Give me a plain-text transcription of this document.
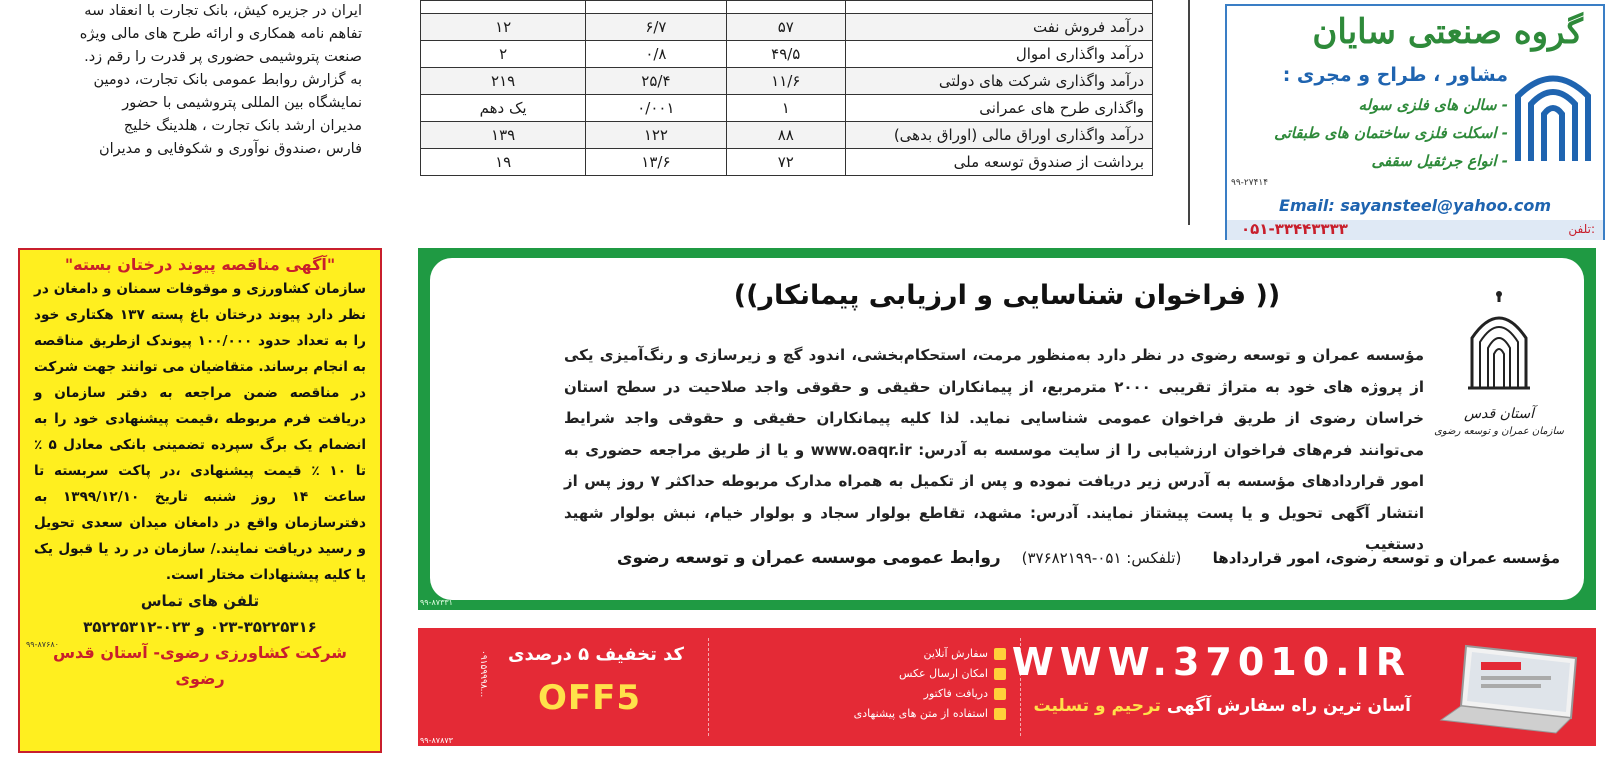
ایران در جزیره کیش، بانک تجارت با انعقاد سه

تفاهم نامه همکاری و ارائه طرح های مالی ویژه

صنعت پتروشیمی حضوری پر قدرت را رقم زد.

به گزارش روابط عمومی بانک تجارت، دومین

نمایشگاه بین المللی پتروشیمی با حضور

مدیران ارشد بانک تجارت ، هلدینگ خلیج

فارس ،صندوق نوآوری و شکوفایی و مدیران

درآمد فروش نفت	۵۷	۶/۷	۱۲
درآمد واگذاری اموال	۴۹/۵	۰/۸	۲
درآمد واگذاری شرکت های دولتی	۱۱/۶	۲۵/۴	۲۱۹
واگذاری طرح های عمرانی	۱	۰/۰۰۱	یک دهم
درآمد واگذاری اوراق مالی (اوراق بدهی)	۸۸	۱۲۲	۱۳۹
برداشت از صندوق توسعه ملی	۷۲	۱۳/۶	۱۹
گروه صنعتی سایان
مشاور ، طراح و مجری :
- سالن های فلزی سوله
- اسکلت فلزی ساختمان های طبقاتی
- انواع جرثقیل سقفی
۹۹-۲۷۴۱۴
Email: sayansteel@yahoo.com
۰۵۱-۳۳۴۴۳۳۳۳	تلفن:
"آگهی مناقصه پیوند درختان بسته"
سازمان کشاورزی و موقوفات سمنان و دامغان در نظر دارد پیوند درختان باغ پسته ۱۳۷ هکتاری خود را به تعداد حدود ۱۰۰/۰۰۰ پیوندک ازطریق مناقصه به انجام برساند. متقاضیان می توانند جهت شرکت در مناقصه ضمن مراجعه به دفتر سازمان و دریافت فرم مربوطه ،قیمت پیشنهادی خود را به انضمام یک برگ سپرده تضمینی بانکی معادل ۵ ٪ تا ۱۰ ٪ قیمت پیشنهادی ،در پاکت سربسته تا ساعت ۱۴ روز شنبه تاریخ ۱۳۹۹/۱۲/۱۰ به دفترسازمان واقع در دامغان میدان سعدی تحویل و رسید دریافت نمایند./ سازمان در رد یا قبول یک یا کلیه پیشنهادات مختار است.
تلفن های تماس
۰۲۳-۳۵۲۲۵۳۱۶ و ۰۲۳-۳۵۲۲۵۳۱۲
شرکت کشاورزی رضوی- آستان قدس رضوی
۹۹-۸۷۶۸۰
(( فراخوان شناسایی و ارزیابی پیمانکار))
آستان قدس
سازمان عمران و توسعه رضوی
مؤسسه عمران و توسعه رضوی در نظر دارد به‌منظور مرمت، استحکام‌بخشی، اندود گچ و زیرسازی و رنگ‌آمیزی یکی از پروژه های خود به متراژ تقریبی ۲۰۰۰ مترمربع، از پیمانکاران حقیقی و حقوقی واجد صلاحیت در سطح استان خراسان رضوی از طریق فراخوان عمومی شناسایی نماید. لذا کلیه پیمانکاران حقیقی و حقوقی واجد شرایط می‌توانند فرم‌های فراخوان ارزشیابی را از سایت موسسه به آدرس: www.oaqr.ir و یا از طریق مراجعه حضوری به امور قراردادهای مؤسسه به آدرس زیر دریافت نموده و پس از تکمیل به همراه مدارک مربوطه حداکثر ۷ روز پس از انتشار آگهی تحویل و یا پست پیشتاز نمایند. آدرس: مشهد، تقاطع بولوار سجاد و بولوار خیام، نبش بولوار شهید دستغیب
مؤسسه عمران و توسعه رضوی، امور قراردادها      (تلفکس: ۰۵۱-۳۷۶۸۲۱۹۹)    روابط عمومی موسسه عمران و توسعه رضوی
۹۹-۸۷۳۳۱
WWW.37010.IR
آسان ترین راه سفارش آگهی ترحیم و تسلیت
سفارش آنلاین
امکان ارسال عکس
دریافت فاکتور
استفاده از متن های پیشنهادی
کد تخفیف ۵ درصدی
OFF5
۰۹۱۵۹۹۹۸...
۹۹-۸۷۸۷۳
